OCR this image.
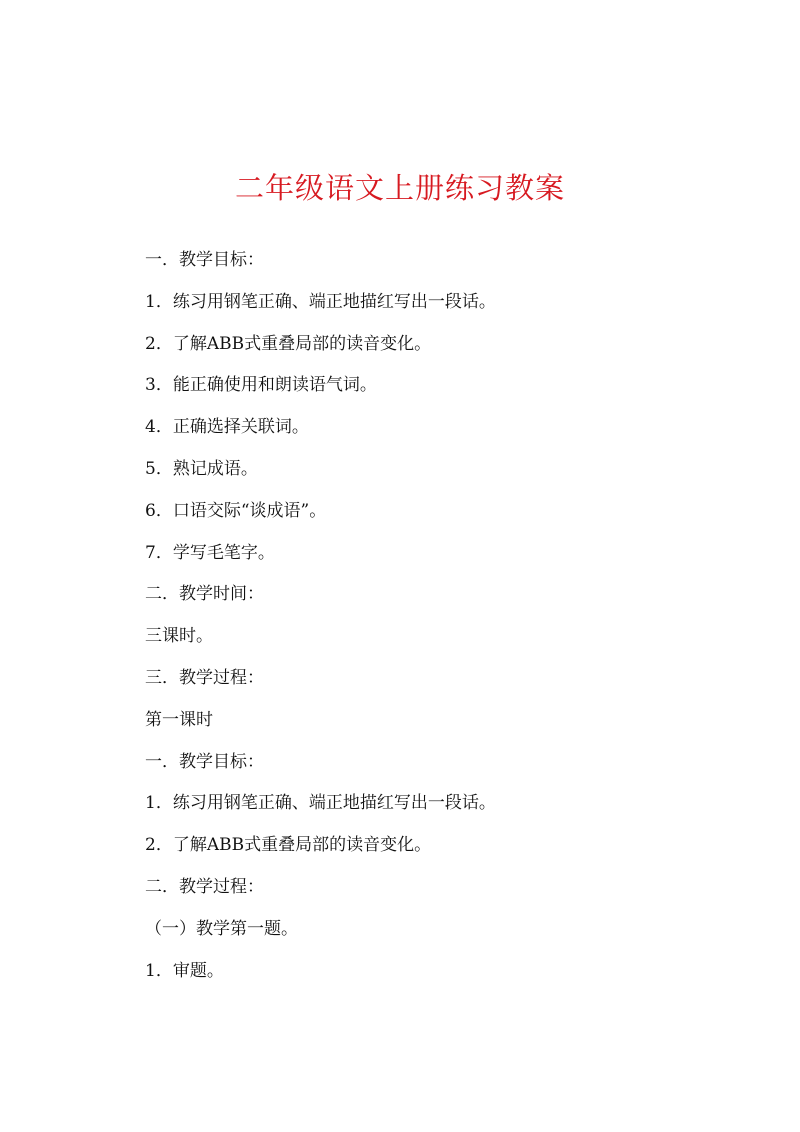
二年级语文上册练习教案
一．教学目标：
1．练习用钢笔正确、端正地描红写出一段话。
2．了解ABB式重叠局部的读音变化。
3．能正确使用和朗读语气词。
4．正确选择关联词。
5．熟记成语。
6．口语交际“谈成语”。
7．学写毛笔字。
二．教学时间：
三课时。
三．教学过程：
第一课时
一．教学目标：
1．练习用钢笔正确、端正地描红写出一段话。
2．了解ABB式重叠局部的读音变化。
二．教学过程：
（一）教学第一题。
1．审题。
